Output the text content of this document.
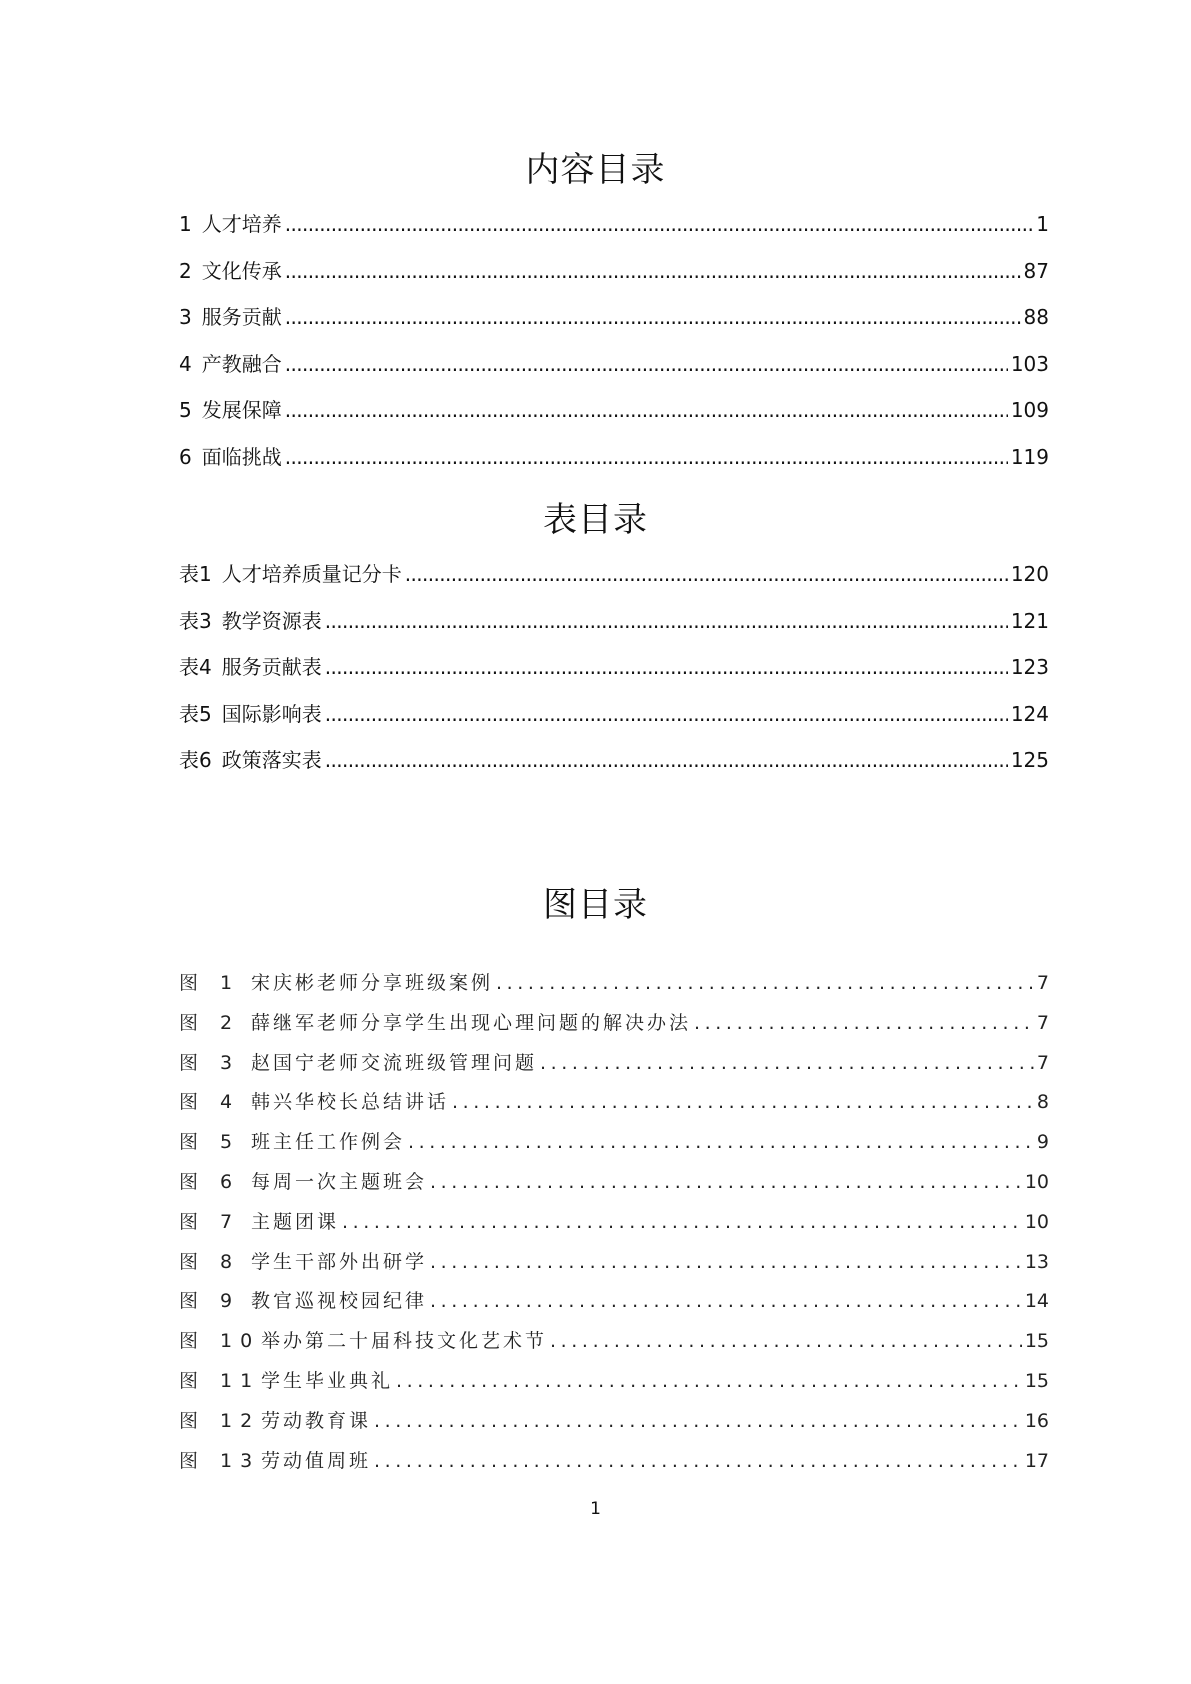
内容目录
1 人才培养 .....	1
2 文化传承 .....	87
3 服务贡献 .....	88
4 产教融合 .....	103
5 发展保障 .....	109
6 面临挑战 .....	119
表目录
表1 人才培养质量记分卡 .....	120
表3 教学资源表 .....	121
表4 服务贡献表 .....	123
表5 国际影响表 .....	124
表6 政策落实表 .....	125
图目录
图 1 宋庆彬老师分享班级案例 .....	7
图 2 薛继军老师分享学生出现心理问题的解决办法 .....	7
图 3 赵国宁老师交流班级管理问题 .....	7
图 4 韩兴华校长总结讲话 .....	8
图 5 班主任工作例会 .....	9
图 6 每周一次主题班会 .....	10
图 7 主题团课 .....	10
图 8 学生干部外出研学 .....	13
图 9 教官巡视校园纪律 .....	14
图 10 举办第二十届科技文化艺术节 .....	15
图 11 学生毕业典礼 .....	15
图 12 劳动教育课 .....	16
图 13 劳动值周班 .....	17
1
